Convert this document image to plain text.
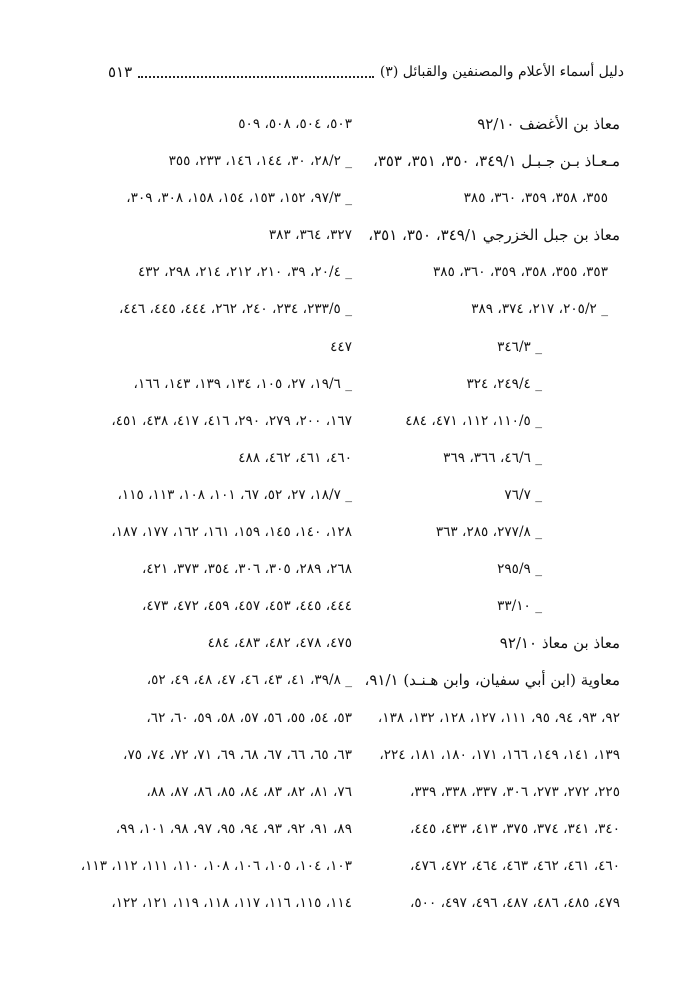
دليل أسماء الأعلام والمصنفين والقبائل (٣)
٥١٣
معاذ بن الأغضف ٩٢/١٠
مـعـاذ بـن جـبـل ٣٤٩/١، ٣٥٠، ٣٥١، ٣٥٣،
٣٥٥، ٣٥٨، ٣٥٩، ٣٦٠، ٣٨٥
معاذ بن جبل الخزرجي ٣٤٩/١، ٣٥٠، ٣٥١،
٣٥٣، ٣٥٥، ٣٥٨، ٣٥٩، ٣٦٠، ٣٨٥
_ ٢٠٥/٢، ٢١٧، ٣٧٤، ٣٨٩
_ ٣٤٦/٣
_ ٢٤٩/٤، ٣٢٤
_ ١١٠/٥، ١١٢، ٤٧١، ٤٨٤
_ ٤٦/٦، ٣٦٦، ٣٦٩
_ ٧٦/٧
_ ٢٧٧/٨، ٢٨٥، ٣٦٣
_ ٢٩٥/٩
_ ٣٣/١٠
معاذ بن معاذ ٩٢/١٠
معاوية (ابن أبي سفيان، وابن هـنـد) ٩١/١،
٩٢، ٩٣، ٩٤، ٩٥، ١١١، ١٢٧، ١٢٨، ١٣٢، ١٣٨،
١٣٩، ١٤١، ١٤٩، ١٦٦، ١٧١، ١٨٠، ١٨١، ٢٢٤،
٢٢٥، ٢٧٢، ٢٧٣، ٣٠٦، ٣٣٧، ٣٣٨، ٣٣٩،
٣٤٠، ٣٤١، ٣٧٤، ٣٧٥، ٤١٣، ٤٣٣، ٤٤٥،
٤٦٠، ٤٦١، ٤٦٢، ٤٦٣، ٤٦٤، ٤٧٢، ٤٧٦،
٤٧٩، ٤٨٥، ٤٨٦، ٤٨٧، ٤٩٦، ٤٩٧، ٥٠٠،
٥٠٣، ٥٠٤، ٥٠٨، ٥٠٩
_ ٢٨/٢، ٣٠، ١٤٤، ١٤٦، ٢٣٣، ٣٥٥
_ ٩٧/٣، ١٥٢، ١٥٣، ١٥٤، ١٥٨، ٣٠٨، ٣٠٩،
٣٢٧، ٣٦٤، ٣٨٣
_ ٢٠/٤، ٣٩، ٢١٠، ٢١٢، ٢١٤، ٢٩٨، ٤٣٢
_ ٢٣٣/٥، ٢٣٤، ٢٤٠، ٢٦٢، ٤٤٤، ٤٤٥، ٤٤٦،
٤٤٧
_ ١٩/٦، ٢٧، ١٠٥، ١٣٤، ١٣٩، ١٤٣، ١٦٦،
١٦٧، ٢٠٠، ٢٧٩، ٢٩٠، ٤١٦، ٤١٧، ٤٣٨، ٤٥١،
٤٦٠، ٤٦١، ٤٦٢، ٤٨٨
_ ١٨/٧، ٢٧، ٥٢، ٦٧، ١٠١، ١٠٨، ١١٣، ١١٥،
١٢٨، ١٤٠، ١٤٥، ١٥٩، ١٦١، ١٦٢، ١٧٧، ١٨٧،
٢٦٨، ٢٨٩، ٣٠٥، ٣٠٦، ٣٥٤، ٣٧٣، ٤٢١،
٤٤٤، ٤٤٥، ٤٥٣، ٤٥٧، ٤٥٩، ٤٧٢، ٤٧٣،
٤٧٥، ٤٧٨، ٤٨٢، ٤٨٣، ٤٨٤
_ ٣٩/٨، ٤١، ٤٣، ٤٦، ٤٧، ٤٨، ٤٩، ٥٢،
٥٣، ٥٤، ٥٥، ٥٦، ٥٧، ٥٨، ٥٩، ٦٠، ٦٢،
٦٣، ٦٥، ٦٦، ٦٧، ٦٨، ٦٩، ٧١، ٧٢، ٧٤، ٧٥،
٧٦، ٨١، ٨٢، ٨٣، ٨٤، ٨٥، ٨٦، ٨٧، ٨٨،
٨٩، ٩١، ٩٢، ٩٣، ٩٤، ٩٥، ٩٧، ٩٨، ١٠١، ٩٩،
١٠٣، ١٠٤، ١٠٥، ١٠٦، ١٠٨، ١١٠، ١١١، ١١٢، ١١٣،
١١٤، ١١٥، ١١٦، ١١٧، ١١٨، ١١٩، ١٢١، ١٢٢،
